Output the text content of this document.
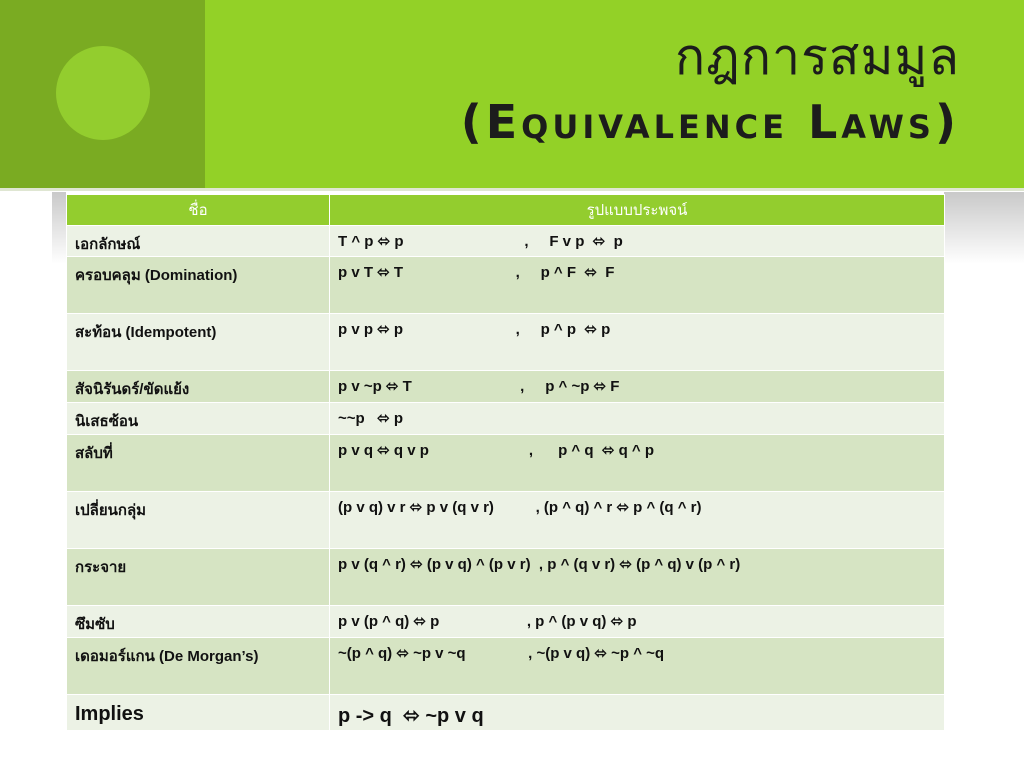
กฎการสมมูล
(Equivalence Laws)
ชื่อ	รูปแบบประพจน์
เอกลักษณ์	T ^ p ⬄ p                             ,     F v p  ⬄  p
ครอบคลุม (Domination)	p v T ⬄ T                           ,     p ^ F  ⬄  F
สะท้อน (Idempotent)	p v p ⬄ p                           ,     p ^ p  ⬄ p
สัจนิรันดร์/ขัดแย้ง	p v ~p ⬄ T                          ,     p ^ ~p ⬄ F
นิเสธซ้อน	~~p   ⬄ p
สลับที่	p v q ⬄ q v p                        ,      p ^ q  ⬄ q ^ p
เปลี่ยนกลุ่ม	(p v q) v r ⬄ p v (q v r)          , (p ^ q) ^ r ⬄ p ^ (q ^ r)
กระจาย	p v (q ^ r) ⬄ (p v q) ^ (p v r)  , p ^ (q v r) ⬄ (p ^ q) v (p ^ r)
ซึมซับ	p v (p ^ q) ⬄ p                     , p ^ (p v q) ⬄ p
เดอมอร์แกน (De Morgan’s)	~(p ^ q) ⬄ ~p v ~q               , ~(p v q) ⬄ ~p ^ ~q
Implies	p -> q  ⬄ ~p v q
